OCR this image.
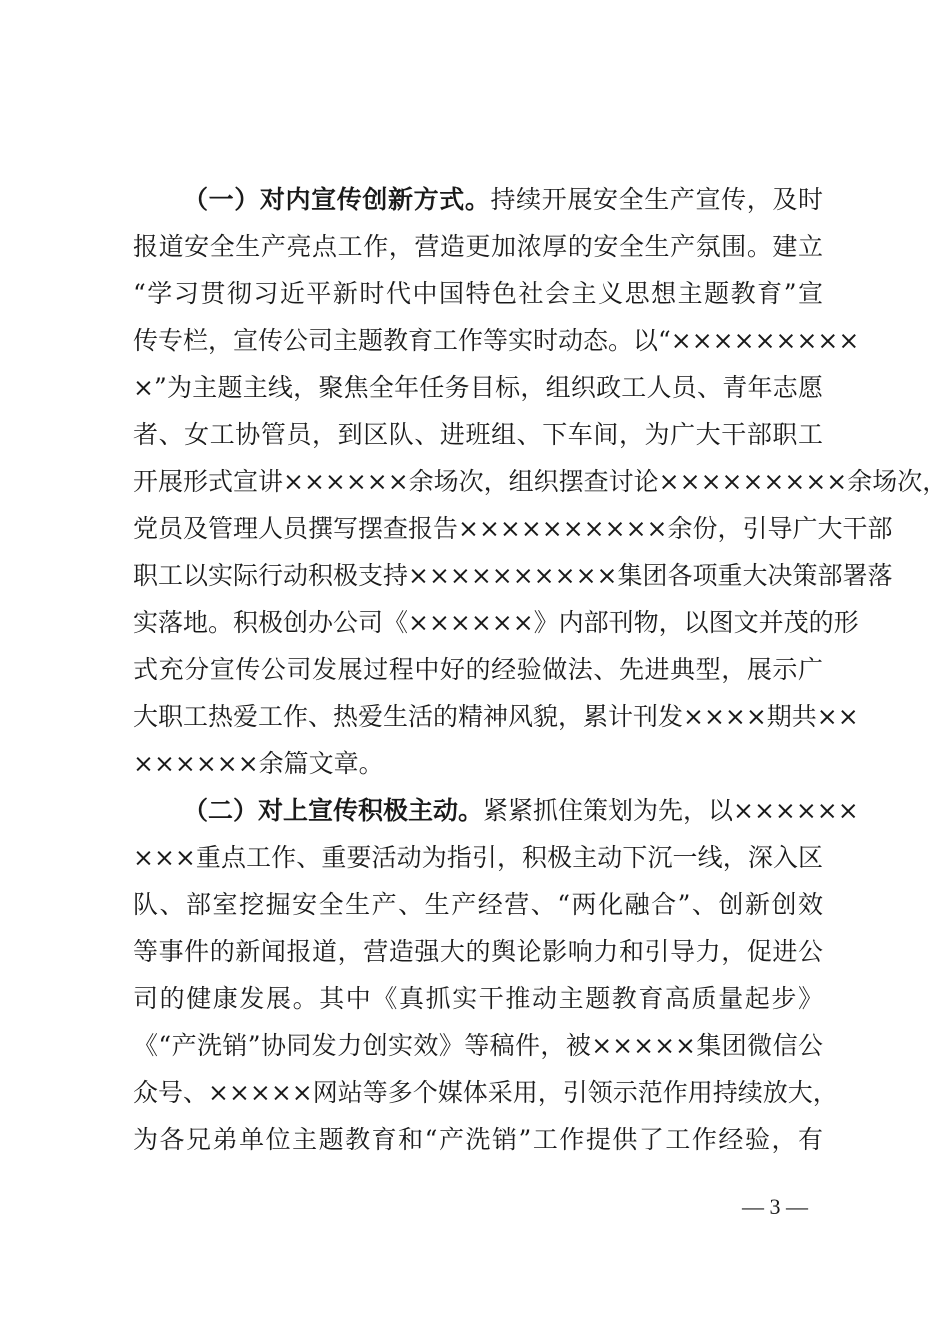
（一）对内宣传创新方式。持续开展安全生产宣传，及时
报道安全生产亮点工作，营造更加浓厚的安全生产氛围。建立
“学习贯彻习近平新时代中国特色社会主义思想主题教育”宣
传专栏，宣传公司主题教育工作等实时动态。以“×××××××××
×”为主题主线，聚焦全年任务目标，组织政工人员、青年志愿
者、女工协管员，到区队、进班组、下车间，为广大干部职工
开展形式宣讲××××××余场次，组织摆查讨论×××××××××余场次，
党员及管理人员撰写摆查报告××××××××××余份，引导广大干部
职工以实际行动积极支持××××××××××集团各项重大决策部署落
实落地。积极创办公司《××××××》内部刊物，以图文并茂的形
式充分宣传公司发展过程中好的经验做法、先进典型，展示广
大职工热爱工作、热爱生活的精神风貌，累计刊发××××期共××
××××××余篇文章。
（二）对上宣传积极主动。紧紧抓住策划为先，以××××××
×××重点工作、重要活动为指引，积极主动下沉一线，深入区
队、部室挖掘安全生产、生产经营、“两化融合”、创新创效
等事件的新闻报道，营造强大的舆论影响力和引导力，促进公
司的健康发展。其中《真抓实干推动主题教育高质量起步》
《“产洗销”协同发力创实效》等稿件，被×××××集团微信公
众号、×××××网站等多个媒体采用，引领示范作用持续放大，
为各兄弟单位主题教育和“产洗销”工作提供了工作经验，有
— 3 —
